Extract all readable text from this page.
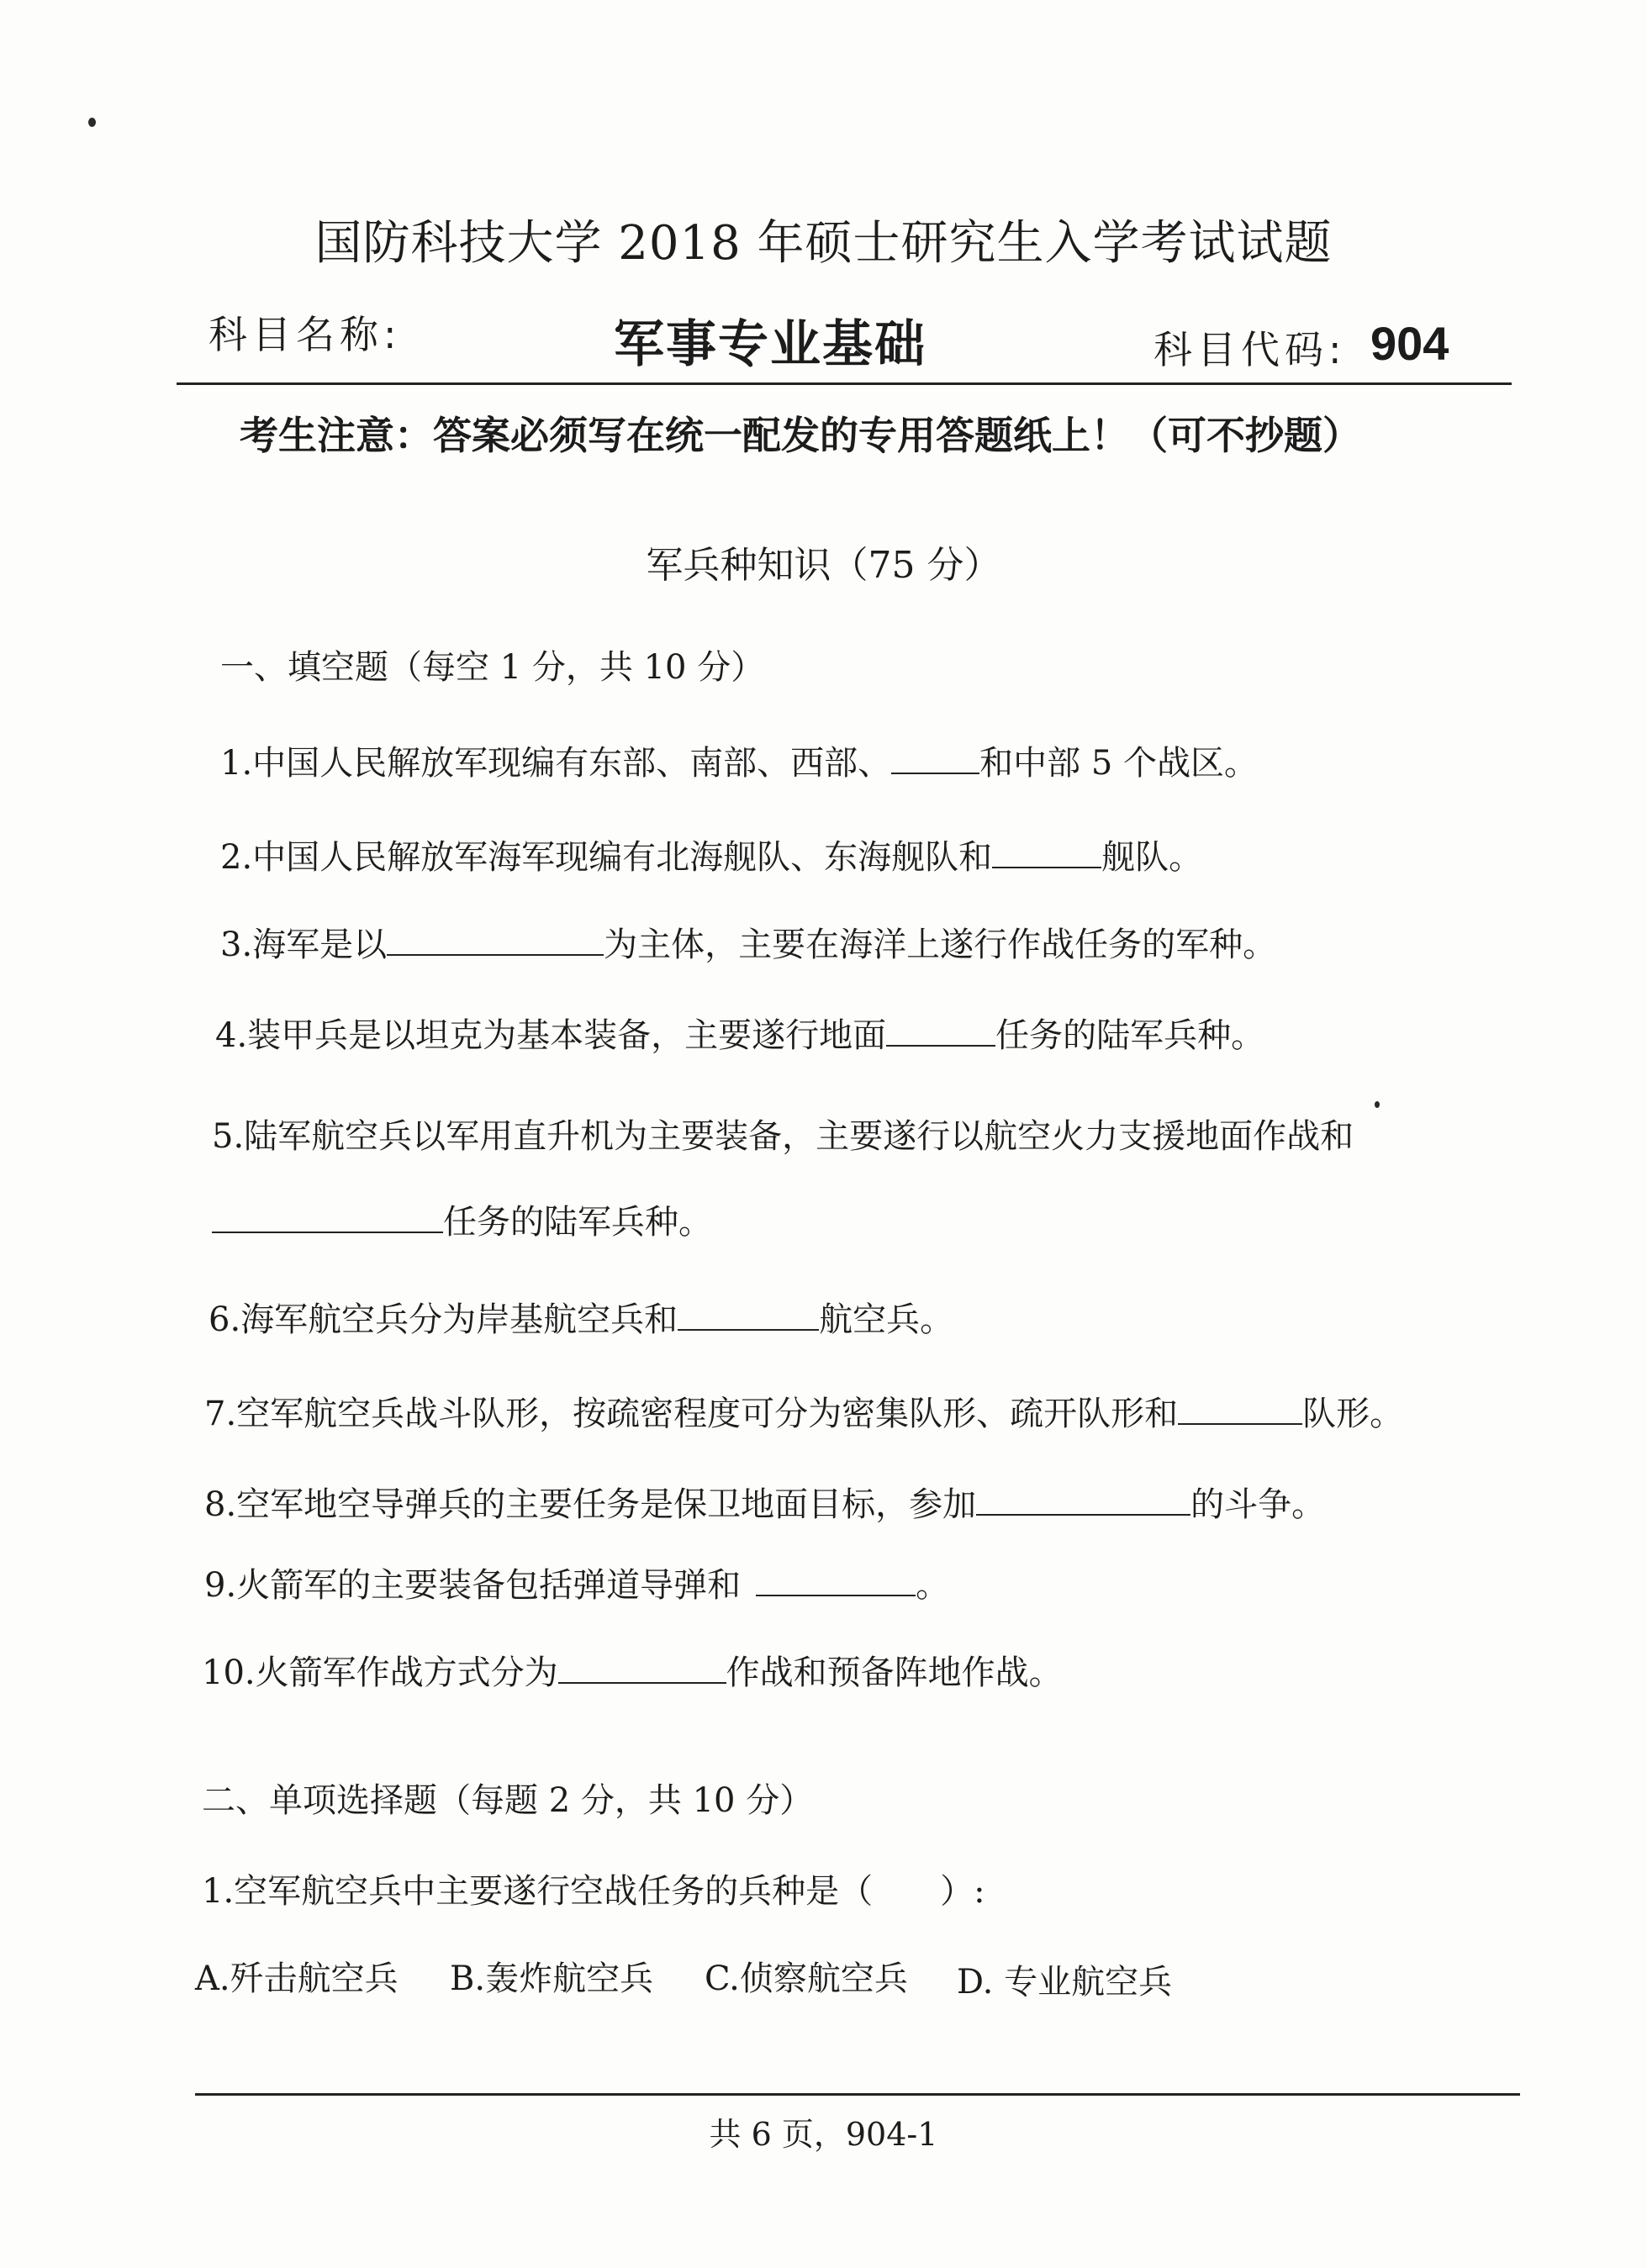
国防科技大学 2018 年硕士研究生入学考试试题
科目名称:	军事专业基础	科目代码: 904
考生注意：答案必须写在统一配发的专用答题纸上！（可不抄题）
军兵种知识（75 分）
一、填空题（每空 1 分，共 10 分）
1.中国人民解放军现编有东部、南部、西部、	和中部 5 个战区。
2.中国人民解放军海军现编有北海舰队、东海舰队和	舰队。
3.海军是以	为主体，主要在海洋上遂行作战任务的军种。
4.装甲兵是以坦克为基本装备，主要遂行地面	任务的陆军兵种。
5.陆军航空兵以军用直升机为主要装备，主要遂行以航空火力支援地面作战和
任务的陆军兵种。
6.海军航空兵分为岸基航空兵和	航空兵。
7.空军航空兵战斗队形，按疏密程度可分为密集队形、疏开队形和	队形。
8.空军地空导弹兵的主要任务是保卫地面目标，参加	的斗争。
9.火箭军的主要装备包括弹道导弹和	。
10.火箭军作战方式分为	作战和预备阵地作战。
二、单项选择题（每题 2 分，共 10 分）
1.空军航空兵中主要遂行空战任务的兵种是（　　）:
A.歼击航空兵 B.轰炸航空兵 C.侦察航空兵 D. 专业航空兵
共 6 页，904-1
